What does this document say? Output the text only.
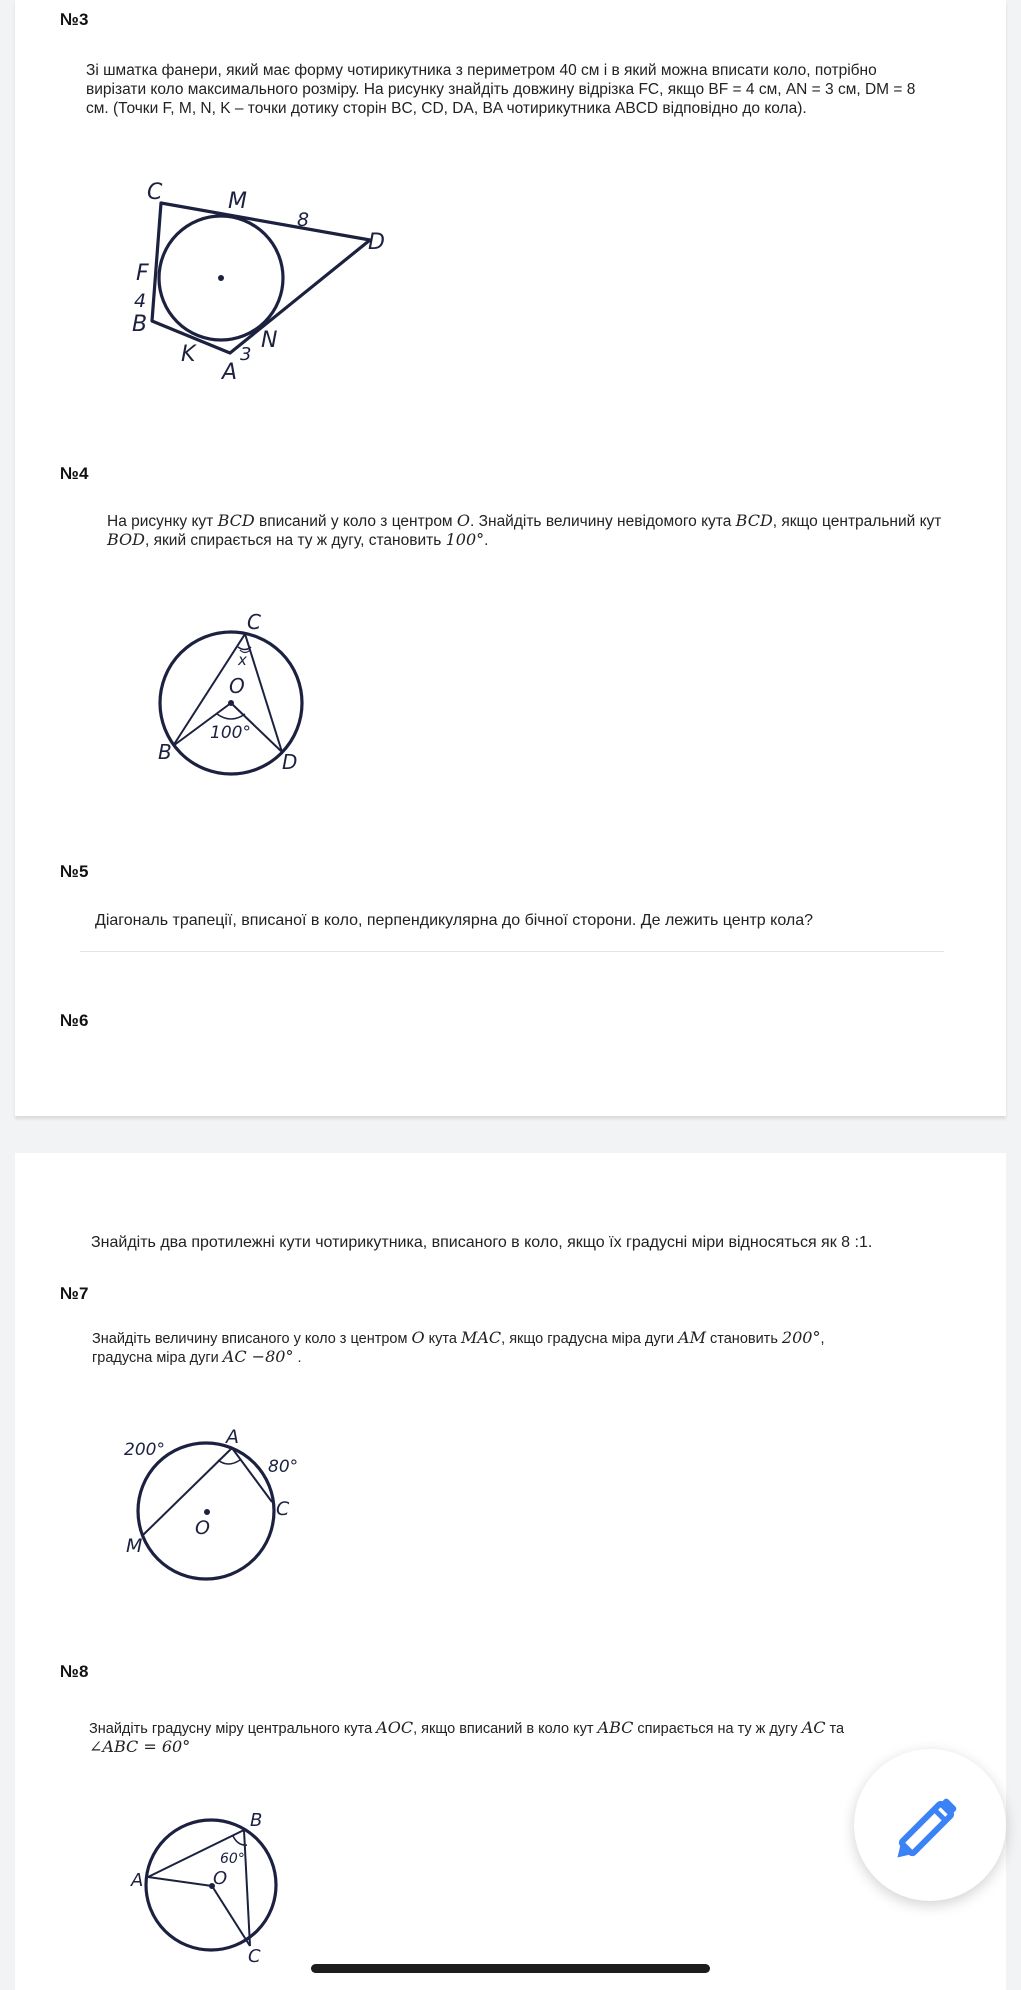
№3

Зі шматка фанери, який має форму чотирикутника з периметром 40 см і в який можна вписати коло, потрібно

вирізати коло максимального розміру. На рисунку знайдіть довжину відрізка FC, якщо BF = 4 см, AN = 3 см, DM = 8

см. (Точки F, M, N, K – точки дотику сторін BC, CD, DA, BA чотирикутника ABCD відповідно до кола).

C	M
8
D
F
4
B
K
N
3
A
№4

На рисунку кут BCD вписаний у коло з центром O. Знайдіть величину невідомого кута BCD, якщо центральний кут

BOD, який спирається на ту ж дугу, становить 100°.

C
x
O
100°
B	D
№5

Діагональ трапеції, вписаної в коло, перпендикулярна до бічної сторони. Де лежить центр кола?

№6

Знайдіть два протилежні кути чотирикутника, вписаного в коло, якщо їх градусні міри відносяться як 8 :1.

№7

Знайдіть величину вписаного у коло з центром O кута MAC, якщо градусна міра дуги AM становить 200°,

градусна міра дуги AC −80° .

200°
A
80°
C
O
M
№8

Знайдіть градусну міру центрального кута AOC, якщо вписаний в коло кут ABC спирається на ту ж дугу AC та

∠ABC = 60°

B
60°
A	O
C
